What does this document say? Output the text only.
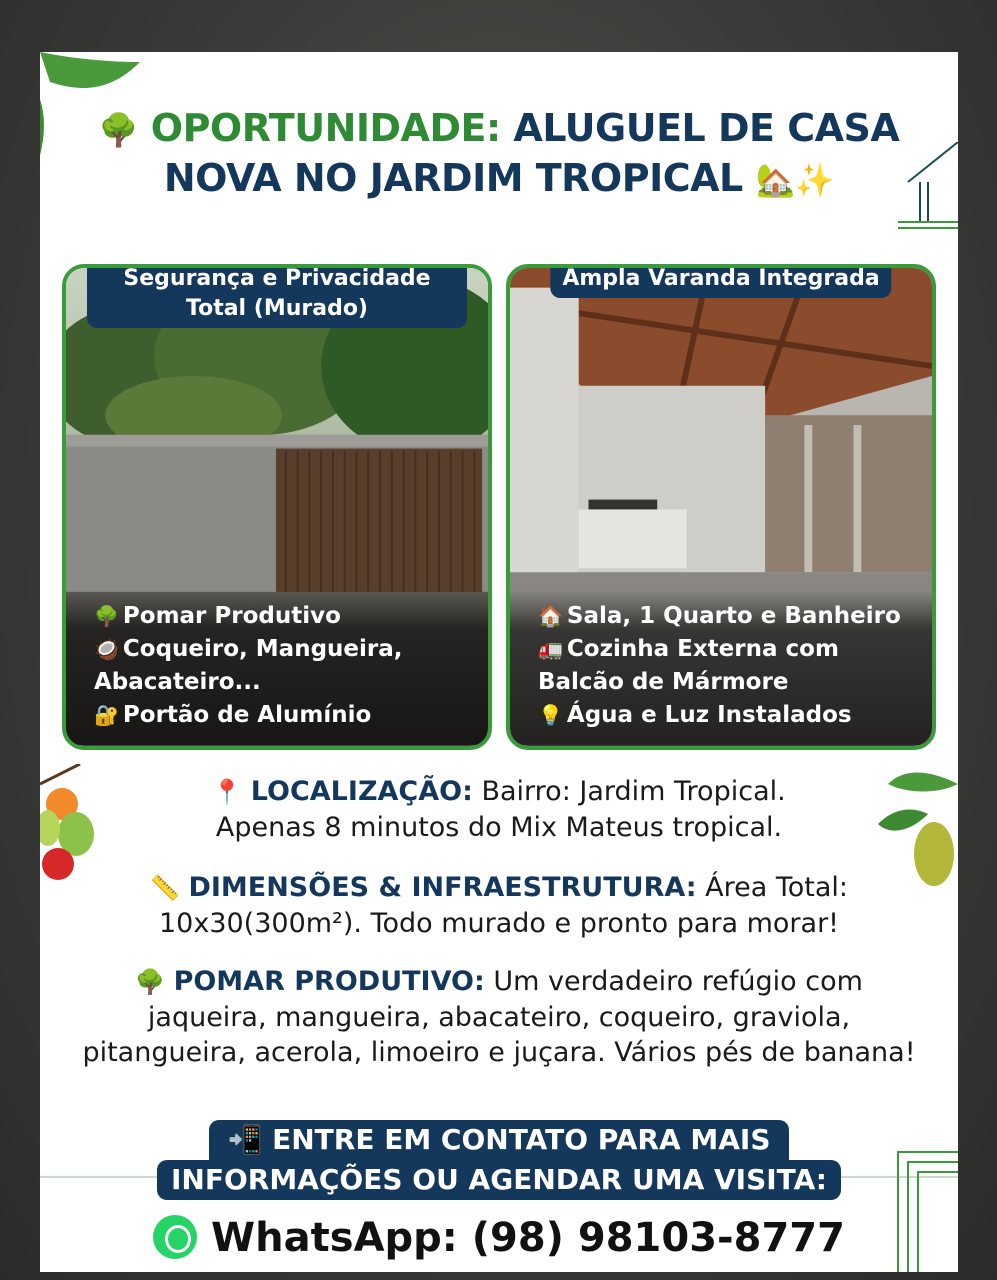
🌳 OPORTUNIDADE: ALUGUEL DE CASA
NOVA NO JARDIM TROPICAL 🏡✨
Segurança e Privacidade Total (Murado)
🌳 Pomar Produtivo
🥥 Coqueiro, Mangueira, Abacateiro...
🔐 Portão de Alumínio
Ampla Varanda Integrada
🏠 Sala, 1 Quarto e Banheiro
🚛 Cozinha Externa com Balcão de Mármore
💡 Água e Luz Instalados
📍 LOCALIZAÇÃO: Bairro: Jardim Tropical.
Apenas 8 minutos do Mix Mateus tropical.
📏 DIMENSÕES & INFRAESTRUTURA: Área Total:
10x30(300m²). Todo murado e pronto para morar!
🌳 POMAR PRODUTIVO: Um verdadeiro refúgio com jaqueira, mangueira, abacateiro, coqueiro, graviola, pitangueira, acerola, limoeiro e juçara. Vários pés de banana!
📲 ENTRE EM CONTATO PARA MAIS INFORMAÇÕES OU AGENDAR UMA VISITA:
WhatsApp: (98) 98103-8777
